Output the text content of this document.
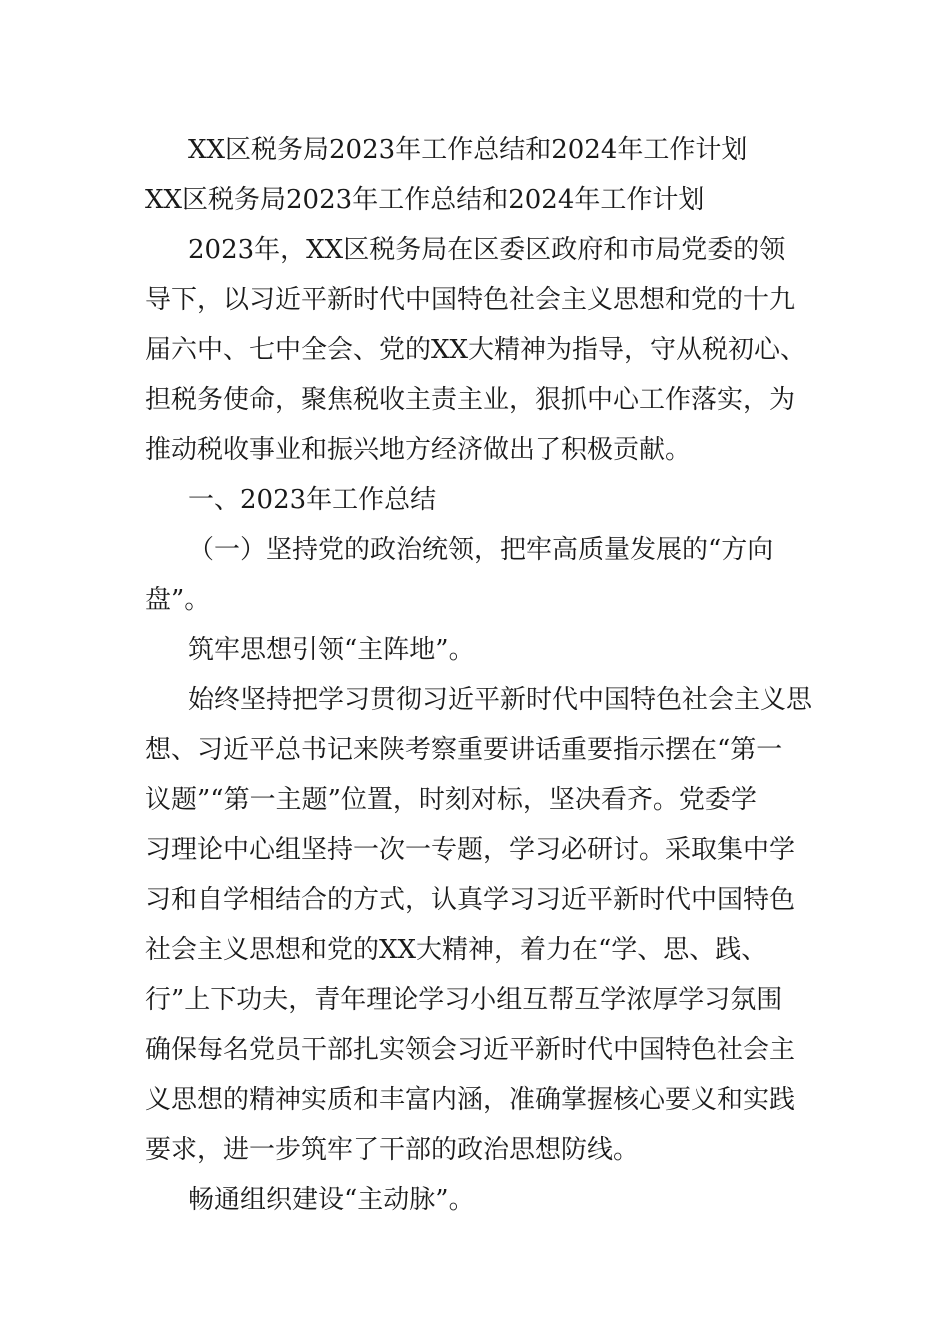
XX区税务局2023年工作总结和2024年工作计划
XX区税务局2023年工作总结和2024年工作计划
2023年，XX区税务局在区委区政府和市局党委的领
导下，以习近平新时代中国特色社会主义思想和党的十九
届六中、七中全会、党的XX大精神为指导，守从税初心、
担税务使命，聚焦税收主责主业，狠抓中心工作落实，为
推动税收事业和振兴地方经济做出了积极贡献。
一、2023年工作总结
（一）坚持党的政治统领，把牢高质量发展的“方向
盘”。
筑牢思想引领“主阵地”。
始终坚持把学习贯彻习近平新时代中国特色社会主义思
想、习近平总书记来陕考察重要讲话重要指示摆在“第一
议题”“第一主题”位置，时刻对标，坚决看齐。党委学
习理论中心组坚持一次一专题，学习必研讨。采取集中学
习和自学相结合的方式，认真学习习近平新时代中国特色
社会主义思想和党的XX大精神，着力在“学、思、践、
行”上下功夫，青年理论学习小组互帮互学浓厚学习氛围
确保每名党员干部扎实领会习近平新时代中国特色社会主
义思想的精神实质和丰富内涵，准确掌握核心要义和实践
要求，进一步筑牢了干部的政治思想防线。
畅通组织建设“主动脉”。
